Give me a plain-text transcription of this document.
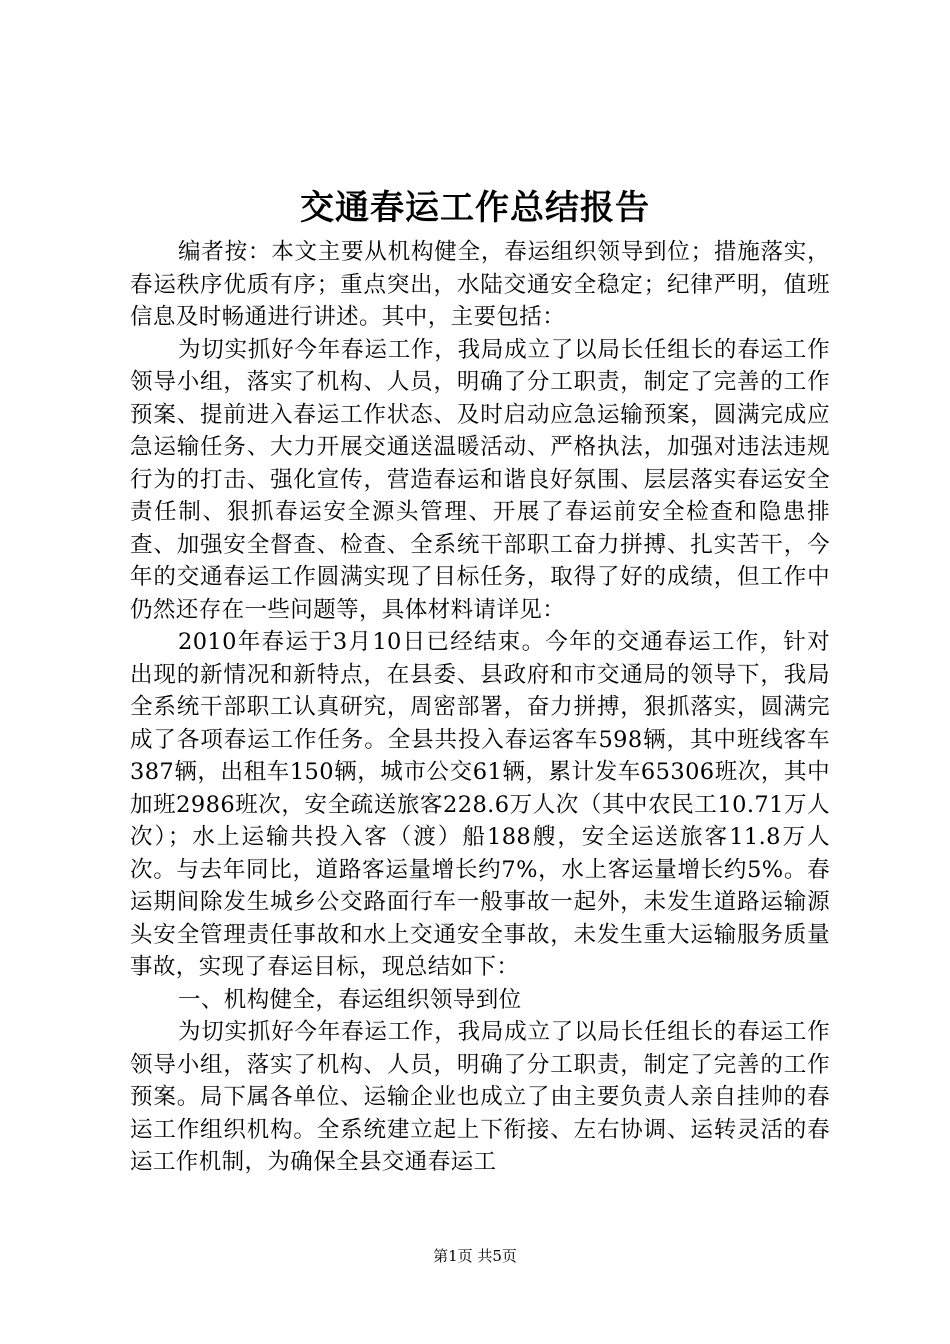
交通春运工作总结报告

编者按：本文主要从机构健全，春运组织领导到位；措施落实，春运秩序优质有序；重点突出，水陆交通安全稳定；纪律严明，值班信息及时畅通进行讲述。其中，主要包括：

为切实抓好今年春运工作，我局成立了以局长任组长的春运工作领导小组，落实了机构、人员，明确了分工职责，制定了完善的工作预案、提前进入春运工作状态、及时启动应急运输预案，圆满完成应急运输任务、大力开展交通送温暖活动、严格执法，加强对违法违规行为的打击、强化宣传，营造春运和谐良好氛围、层层落实春运安全责任制、狠抓春运安全源头管理、开展了春运前安全检查和隐患排查、加强安全督查、检查、全系统干部职工奋力拼搏、扎实苦干，今年的交通春运工作圆满实现了目标任务，取得了好的成绩，但工作中仍然还存在一些问题等，具体材料请详见：

2010年春运于3月10日已经结束。今年的交通春运工作，针对出现的新情况和新特点，在县委、县政府和市交通局的领导下，我局全系统干部职工认真研究，周密部署，奋力拼搏，狠抓落实，圆满完成了各项春运工作任务。全县共投入春运客车598辆，其中班线客车387辆，出租车150辆，城市公交61辆，累计发车65306班次，其中加班2986班次，安全疏送旅客228.6万人次（其中农民工10.71万人次）；水上运输共投入客（渡）船188艘，安全运送旅客11.8万人次。与去年同比，道路客运量增长约7%，水上客运量增长约5%。春运期间除发生城乡公交路面行车一般事故一起外，未发生道路运输源头安全管理责任事故和水上交通安全事故，未发生重大运输服务质量事故，实现了春运目标，现总结如下：

一、机构健全，春运组织领导到位

为切实抓好今年春运工作，我局成立了以局长任组长的春运工作领导小组，落实了机构、人员，明确了分工职责，制定了完善的工作预案。局下属各单位、运输企业也成立了由主要负责人亲自挂帅的春运工作组织机构。全系统建立起上下衔接、左右协调、运转灵活的春运工作机制，为确保全县交通春运工

第1页 共5页
